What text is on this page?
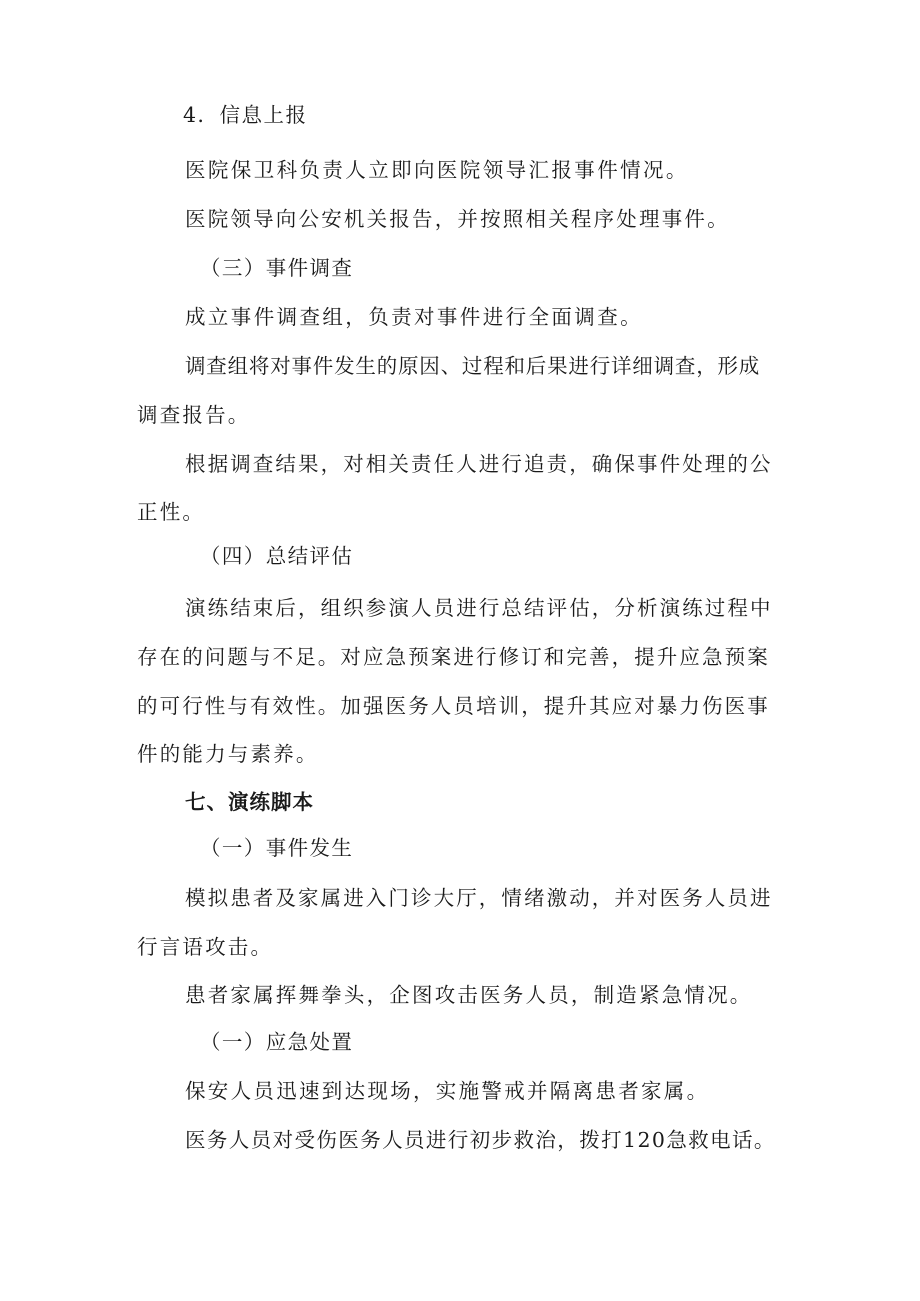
4．信息上报
医院保卫科负责人立即向医院领导汇报事件情况。
医院领导向公安机关报告，并按照相关程序处理事件。
（三）事件调查
成立事件调查组，负责对事件进行全面调查。
调查组将对事件发生的原因、过程和后果进行详细调查，形成
调查报告。
根据调查结果，对相关责任人进行追责，确保事件处理的公
正性。
（四）总结评估
演练结束后，组织参演人员进行总结评估，分析演练过程中
存在的问题与不足。对应急预案进行修订和完善，提升应急预案
的可行性与有效性。加强医务人员培训，提升其应对暴力伤医事
件的能力与素养。
七、演练脚本
（一）事件发生
模拟患者及家属进入门诊大厅，情绪激动，并对医务人员进
行言语攻击。
患者家属挥舞拳头，企图攻击医务人员，制造紧急情况。
（一）应急处置
保安人员迅速到达现场，实施警戒并隔离患者家属。
医务人员对受伤医务人员进行初步救治，拨打120急救电话。
